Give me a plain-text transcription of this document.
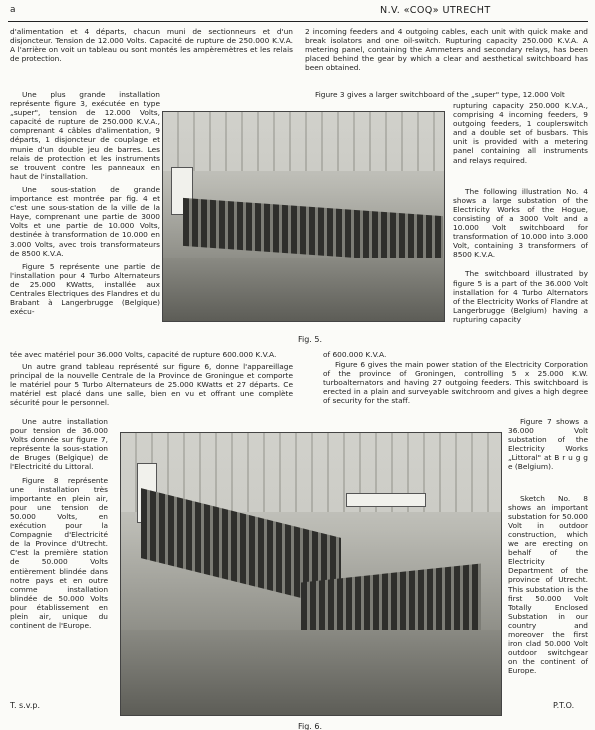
a	N.V. «COQ» UTRECHT

d'alimentation et 4 départs, chacun muni de sectionneurs et d'un disjoncteur. Tension de 12.000 Volts. Capacité de rupture de 250.000 K.V.A. A l'arrière on voit un tableau ou sont montés les ampèremètres et les relais de protection.

Une plus grande installation représente figure 3, exécutée en type „super", tension de 12.000 Volts, capacité de rupture de 250.000 K.V.A., comprenant 4 câbles d'alimentation, 9 départs, 1 disjoncteur de couplage et munie d'un double jeu de barres. Les relais de protection et les instruments se trouvent contre les panneaux en haut de l'installation.

Une sous-station de grande importance est montrée par fig. 4 et c'est une sous-station de la ville de la Haye, comprenant une partie de 3000 Volts et une partie de 10.000 Volts, destinée à transformation de 10.000 en 3.000 Volts, avec trois transformateurs de 8500 K.V.A.

Figure 5 représente une partie de l'installation pour 4 Turbo Alternateurs de 25.000 KWatts, installée aux Centrales Electriques des Flandres et du Brabant à Langerbrugge (Belgique) exécu-

tée avec matériel pour 36.000 Volts, capacité de rupture 600.000 K.V.A.

Un autre grand tableau représenté sur figure 6, donne l'appareillage principal de la nouvelle Centrale de la Province de Groningue et comporte le matériel pour 5 Turbo Alternateurs de 25.000 KWatts et 27 départs. Ce matériel est placé dans une salle, bien en vu et offrant une complète sécurité pour le personnel.

Une autre installation pour tension de 36.000 Volts donnée sur figure 7, représente la sous-station de Bruges (Belgique) de l'Electricité du Littoral.

Figure 8 représente une installation très importante en plein air, pour une tension de 50.000 Volts, en exécution pour la Compagnie d'Electricité de la Province d'Utrecht. C'est la première station de 50.000 Volts entièrement blindée dans notre pays et en outre comme installation blindée de 50.000 Volts pour établissement en plein air, unique du continent de l'Europe.

2 incoming feeders and 4 outgoing cables, each unit with quick make and break isolators and one oil-switch. Rupturing capacity 250.000 K.V.A. A metering panel, containing the Ammeters and secondary relays, has been placed behind the gear by which a clear and aesthetical switchboard has been obtained.

Figure 3 gives a larger switchboard of the „super" type, 12.000 Volt

rupturing capacity 250.000 K.V.A., comprising 4 incoming feeders, 9 outgoing feeders, 1 couplerswitch and a double set of busbars. This unit is provided with a metering panel containing all instruments and relays required.

The following illustration No. 4 shows a large substation of the Electricity Works of the Hogue, consisting of a 3000 Volt and a 10.000 Volt switchboard for transformation of 10.000 into 3.000 Volt, containing 3 transformers of 8500 K.V.A.

The switchboard illustrated by figure 5 is a part of the 36.000 Volt installation for 4 Turbo Alternators of the Electricity Works of Flandre at Langerbrugge (Belgium) having a rupturing capacity

of 600.000 K.V.A.

Figure 6 gives the main power station of the Electricity Corporation of the province of Groningen, controlling 5 x 25.000 K.W. turboalternators and having 27 outgoing feeders. This switchboard is erected in a plain and surveyable switchroom and gives a high degree of security for the staff.

Figure 7 shows a 36.000 Volt substation of the Electricity Works „Littoral" at B r u g g e (Belgium).

Sketch No. 8 shows an important substation for 50.000 Volt in outdoor construction, which we are erecting on behalf of the Electricity Department of the province of Utrecht. This substation is the first 50.000 Volt Totally Enclosed Substation in our country and moreover the first iron clad 50.000 Volt outdoor switchgear on the continent of Europe.

Fig. 5.
Fig. 6.
T. s.v.p.	P.T.O.
